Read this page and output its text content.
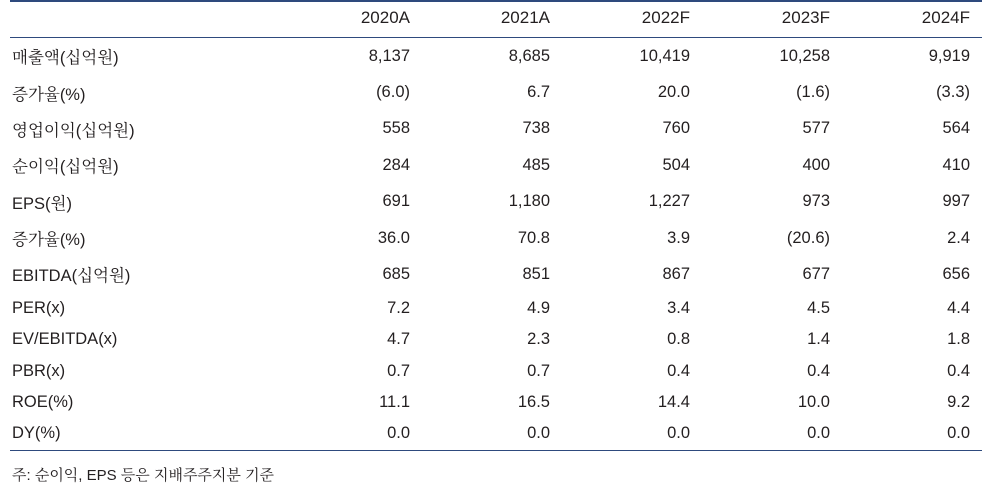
	2020A	2021A	2022F	2023F	2024F
매출액(십억원)	8,137	8,685	10,419	10,258	9,919
증가율(%)	(6.0)	6.7	20.0	(1.6)	(3.3)
영업이익(십억원)	558	738	760	577	564
순이익(십억원)	284	485	504	400	410
EPS(원)	691	1,180	1,227	973	997
증가율(%)	36.0	70.8	3.9	(20.6)	2.4
EBITDA(십억원)	685	851	867	677	656
PER(x)	7.2	4.9	3.4	4.5	4.4
EV/EBITDA(x)	4.7	2.3	0.8	1.4	1.8
PBR(x)	0.7	0.7	0.4	0.4	0.4
ROE(%)	11.1	16.5	14.4	10.0	9.2
DY(%)	0.0	0.0	0.0	0.0	0.0
주: 순이익, EPS 등은 지배주주지분 기준
